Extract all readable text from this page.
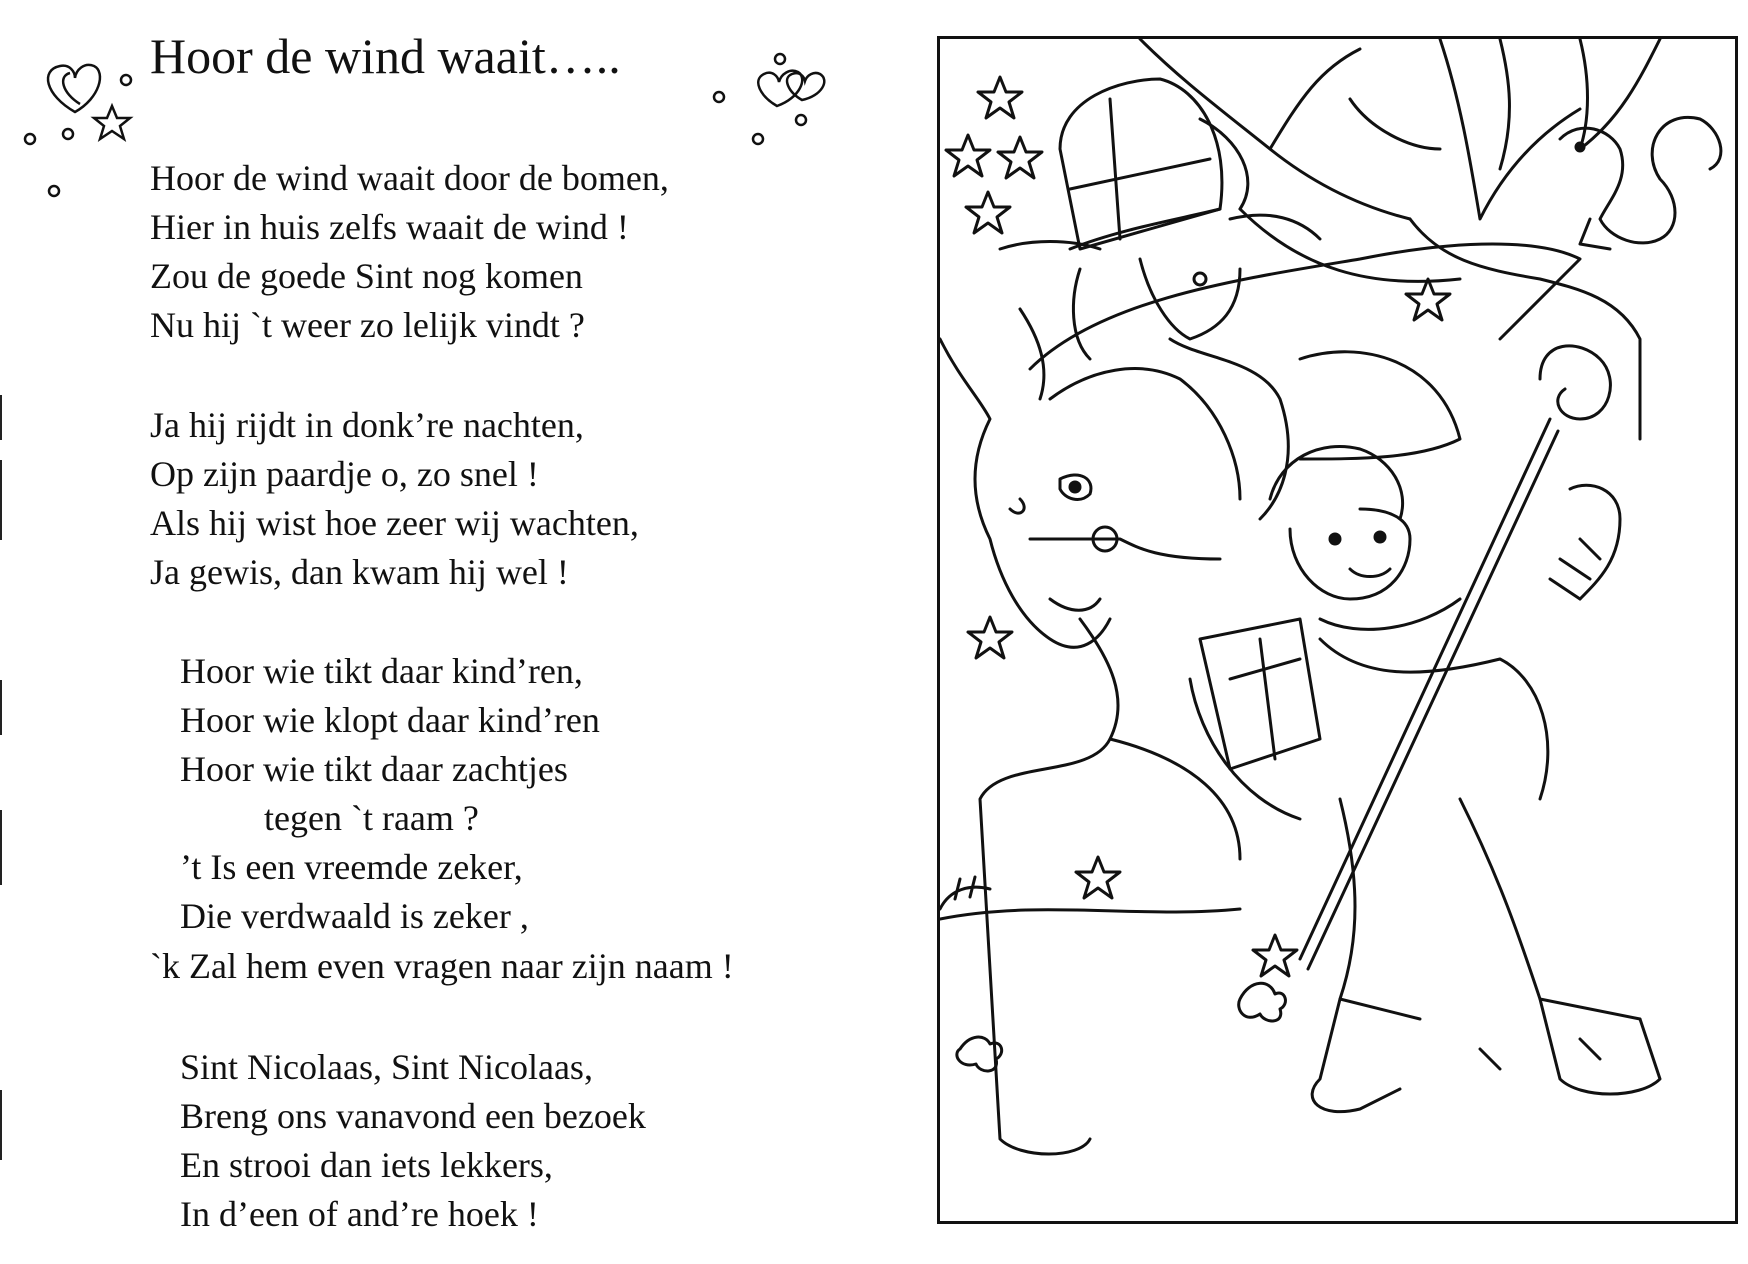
Hoor de wind waait…..
Hoor de wind waait door de bomen,
Hier in huis zelfs waait de wind !
Zou de goede Sint nog komen
Nu hij `t weer zo lelijk vindt ?
Ja hij rijdt in donk’re nachten,
Op zijn paardje o, zo snel !
Als hij wist hoe zeer wij wachten,
Ja gewis, dan kwam hij wel !
Hoor wie tikt daar kind’ren,
Hoor wie klopt daar kind’ren
Hoor wie tikt daar zachtjes
tegen `t raam ?
’t Is een vreemde zeker,
Die verdwaald is zeker ,
`k Zal hem even vragen naar zijn naam !
Sint Nicolaas, Sint Nicolaas,
Breng ons vanavond een bezoek
En strooi dan iets lekkers,
In d’een of and’re hoek !
